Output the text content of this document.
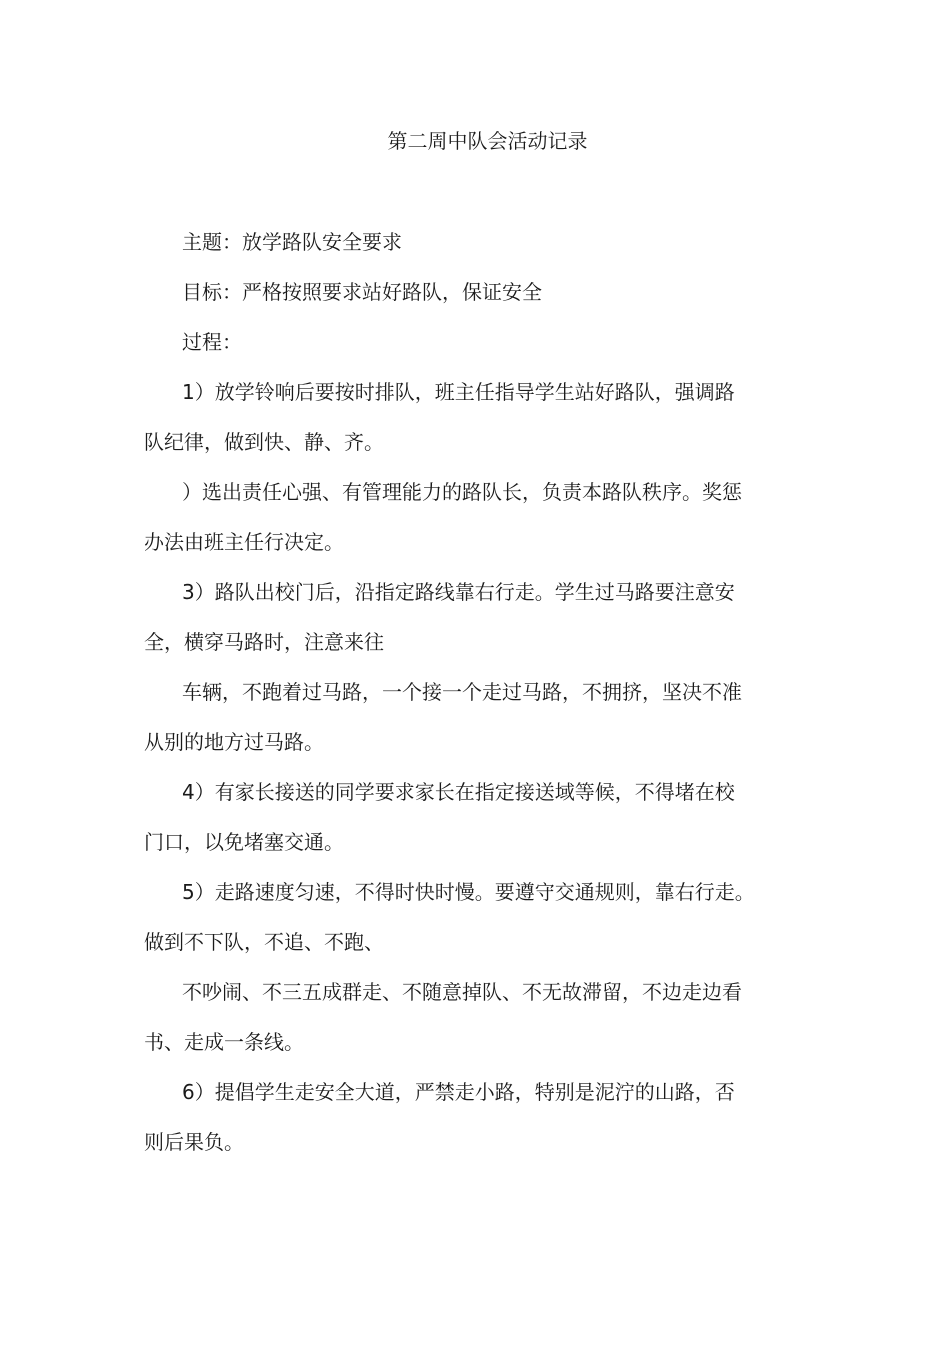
第二周中队会活动记录

主题：放学路队安全要求

目标：严格按照要求站好路队，保证安全

过程：

1）放学铃响后要按时排队，班主任指导学生站好路队，强调路

队纪律，做到快、静、齐。

）选出责任心强、有管理能力的路队长，负责本路队秩序。奖惩

办法由班主任行决定。

3）路队出校门后，沿指定路线靠右行走。学生过马路要注意安

全，横穿马路时，注意来往

车辆，不跑着过马路，一个接一个走过马路，不拥挤，坚决不准

从别的地方过马路。

4）有家长接送的同学要求家长在指定接送域等候，不得堵在校

门口，以免堵塞交通。

5）走路速度匀速，不得时快时慢。要遵守交通规则，靠右行走。

做到不下队，不追、不跑、

不吵闹、不三五成群走、不随意掉队、不无故滞留，不边走边看

书、走成一条线。

6）提倡学生走安全大道，严禁走小路，特别是泥泞的山路，否

则后果负。
